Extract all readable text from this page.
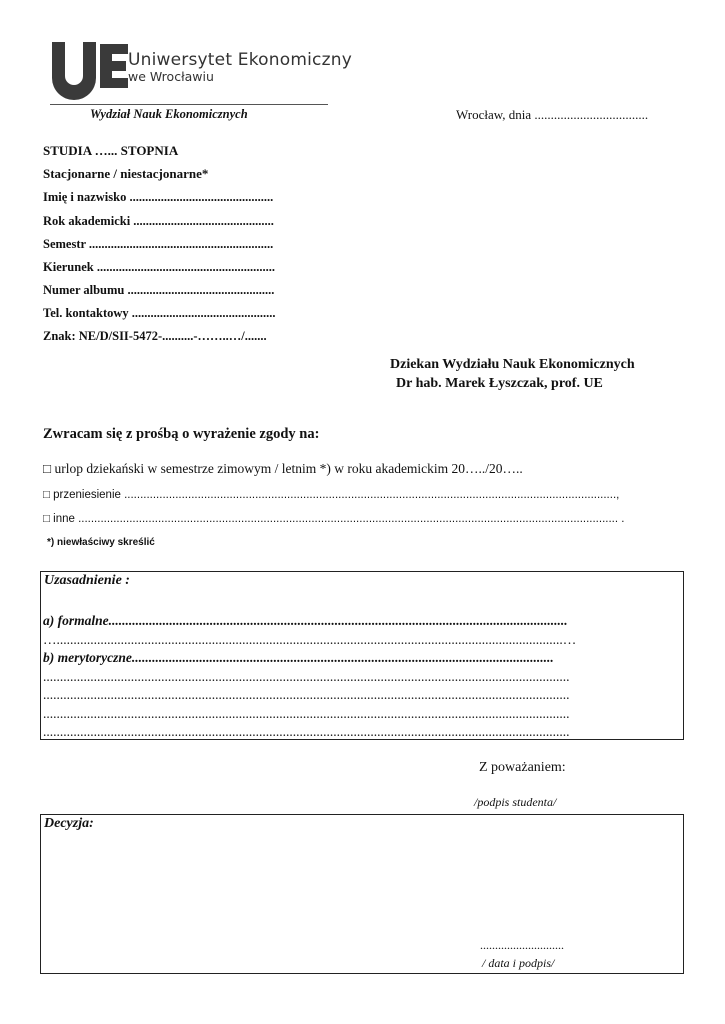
Uniwersytet Ekonomiczny
we Wrocławiu
Wydział Nauk Ekonomicznych	Wrocław, dnia ...................................
STUDIA …... STOPNIA
Stacjonarne / niestacjonarne*
Imię i nazwisko ..............................................
Rok akademicki .............................................
Semestr ...........................................................
Kierunek .........................................................
Numer albumu ...............................................
Tel. kontaktowy ..............................................
Znak: NE/D/SII-5472-..........-……..…/.......
Dziekan Wydziału Nauk Ekonomicznych
Dr hab. Marek Łyszczak, prof. UE
Zwracam się z prośbą o wyrażenie zgody na:
□ urlop dziekański w semestrze zimowym / letnim *) w roku akademickim 20…../20…..
□ przeniesienie ..........................................................................................................................................................,
□ inne ......................................................................................................................................................................... .
*) niewłaściwy skreślić
Uzasadnienie :
a) formalne........................................................................................................................................
…......................................................................................................................................................…
b) merytoryczne.............................................................................................................................
............................................................................................................................................................
............................................................................................................................................................
............................................................................................................................................................
............................................................................................................................................................
Z poważaniem:
/podpis studenta/
Decyzja:
............................
/ data i podpis/
